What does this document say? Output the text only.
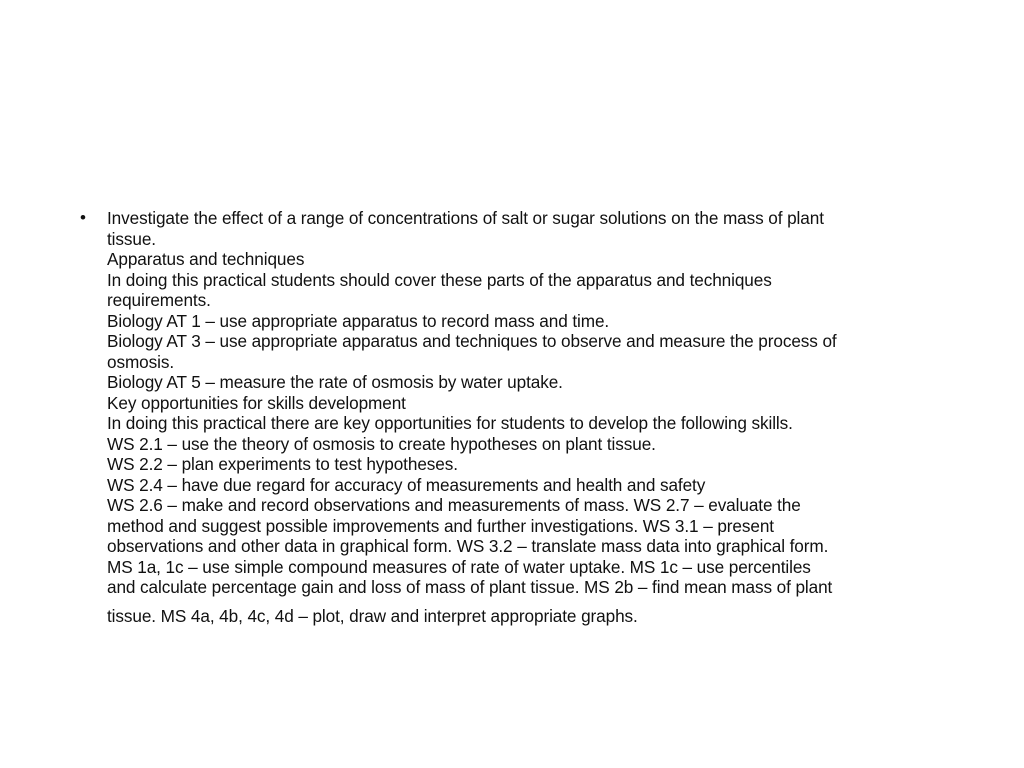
•	Investigate the effect of a range of concentrations of salt or sugar solutions on the mass of plant
tissue.
Apparatus and techniques
In doing this practical students should cover these parts of the apparatus and techniques
requirements.
Biology AT 1 – use appropriate apparatus to record mass and time.
Biology AT 3 – use appropriate apparatus and techniques to observe and measure the process of
osmosis.
Biology AT 5 – measure the rate of osmosis by water uptake.
Key opportunities for skills development
In doing this practical there are key opportunities for students to develop the following skills.
WS 2.1 – use the theory of osmosis to create hypotheses on plant tissue.
WS 2.2 – plan experiments to test hypotheses.
WS 2.4 – have due regard for accuracy of measurements and health and safety
WS 2.6 – make and record observations and measurements of mass. WS 2.7 – evaluate the
method and suggest possible improvements and further investigations. WS 3.1 – present
observations and other data in graphical form. WS 3.2 – translate mass data into graphical form.
MS 1a, 1c – use simple compound measures of rate of water uptake. MS 1c – use percentiles
and calculate percentage gain and loss of mass of plant tissue. MS 2b – find mean mass of plant
tissue. MS 4a, 4b, 4c, 4d – plot, draw and interpret appropriate graphs.
